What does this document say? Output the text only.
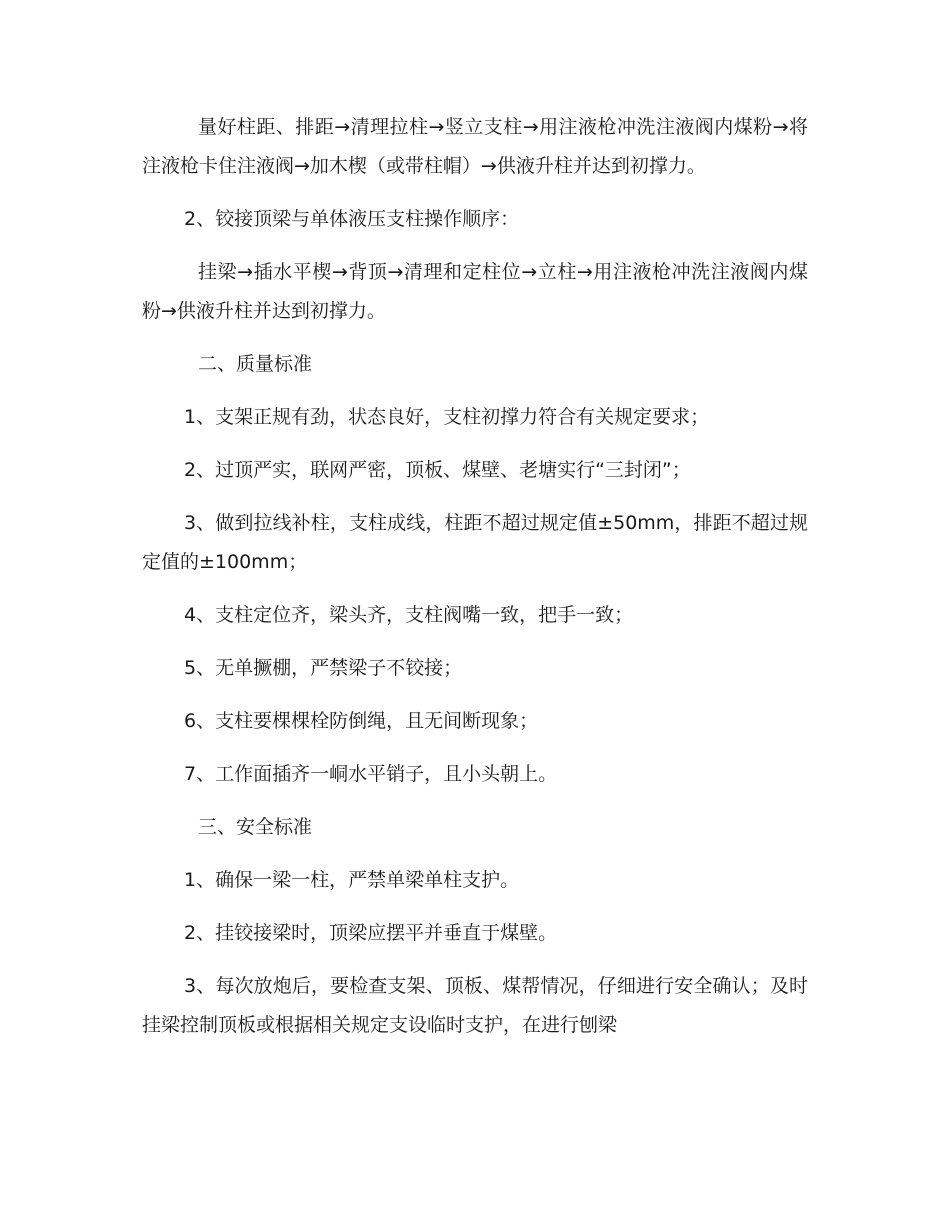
量好柱距、排距→清理拉柱→竖立支柱→用注液枪冲洗注液阀内煤粉→将注液枪卡住注液阀→加木楔（或带柱帽）→供液升柱并达到初撑力。

2、铰接顶梁与单体液压支柱操作顺序：

挂梁→插水平楔→背顶→清理和定柱位→立柱→用注液枪冲洗注液阀内煤粉→供液升柱并达到初撑力。

二、质量标准

1、支架正规有劲，状态良好，支柱初撑力符合有关规定要求；

2、过顶严实，联网严密，顶板、煤壁、老塘实行“三封闭”；

3、做到拉线补柱，支柱成线，柱距不超过规定值±50mm，排距不超过规定值的±100mm；

4、支柱定位齐，梁头齐，支柱阀嘴一致，把手一致；

5、无单撅棚，严禁梁子不铰接；

6、支柱要棵棵栓防倒绳，且无间断现象；

7、工作面插齐一峒水平销子，且小头朝上。

三、安全标准

1、确保一梁一柱，严禁单梁单柱支护。

2、挂铰接梁时，顶梁应摆平并垂直于煤壁。

3、每次放炮后，要检查支架、顶板、煤帮情况，仔细进行安全确认；及时挂梁控制顶板或根据相关规定支设临时支护，在进行刨梁
